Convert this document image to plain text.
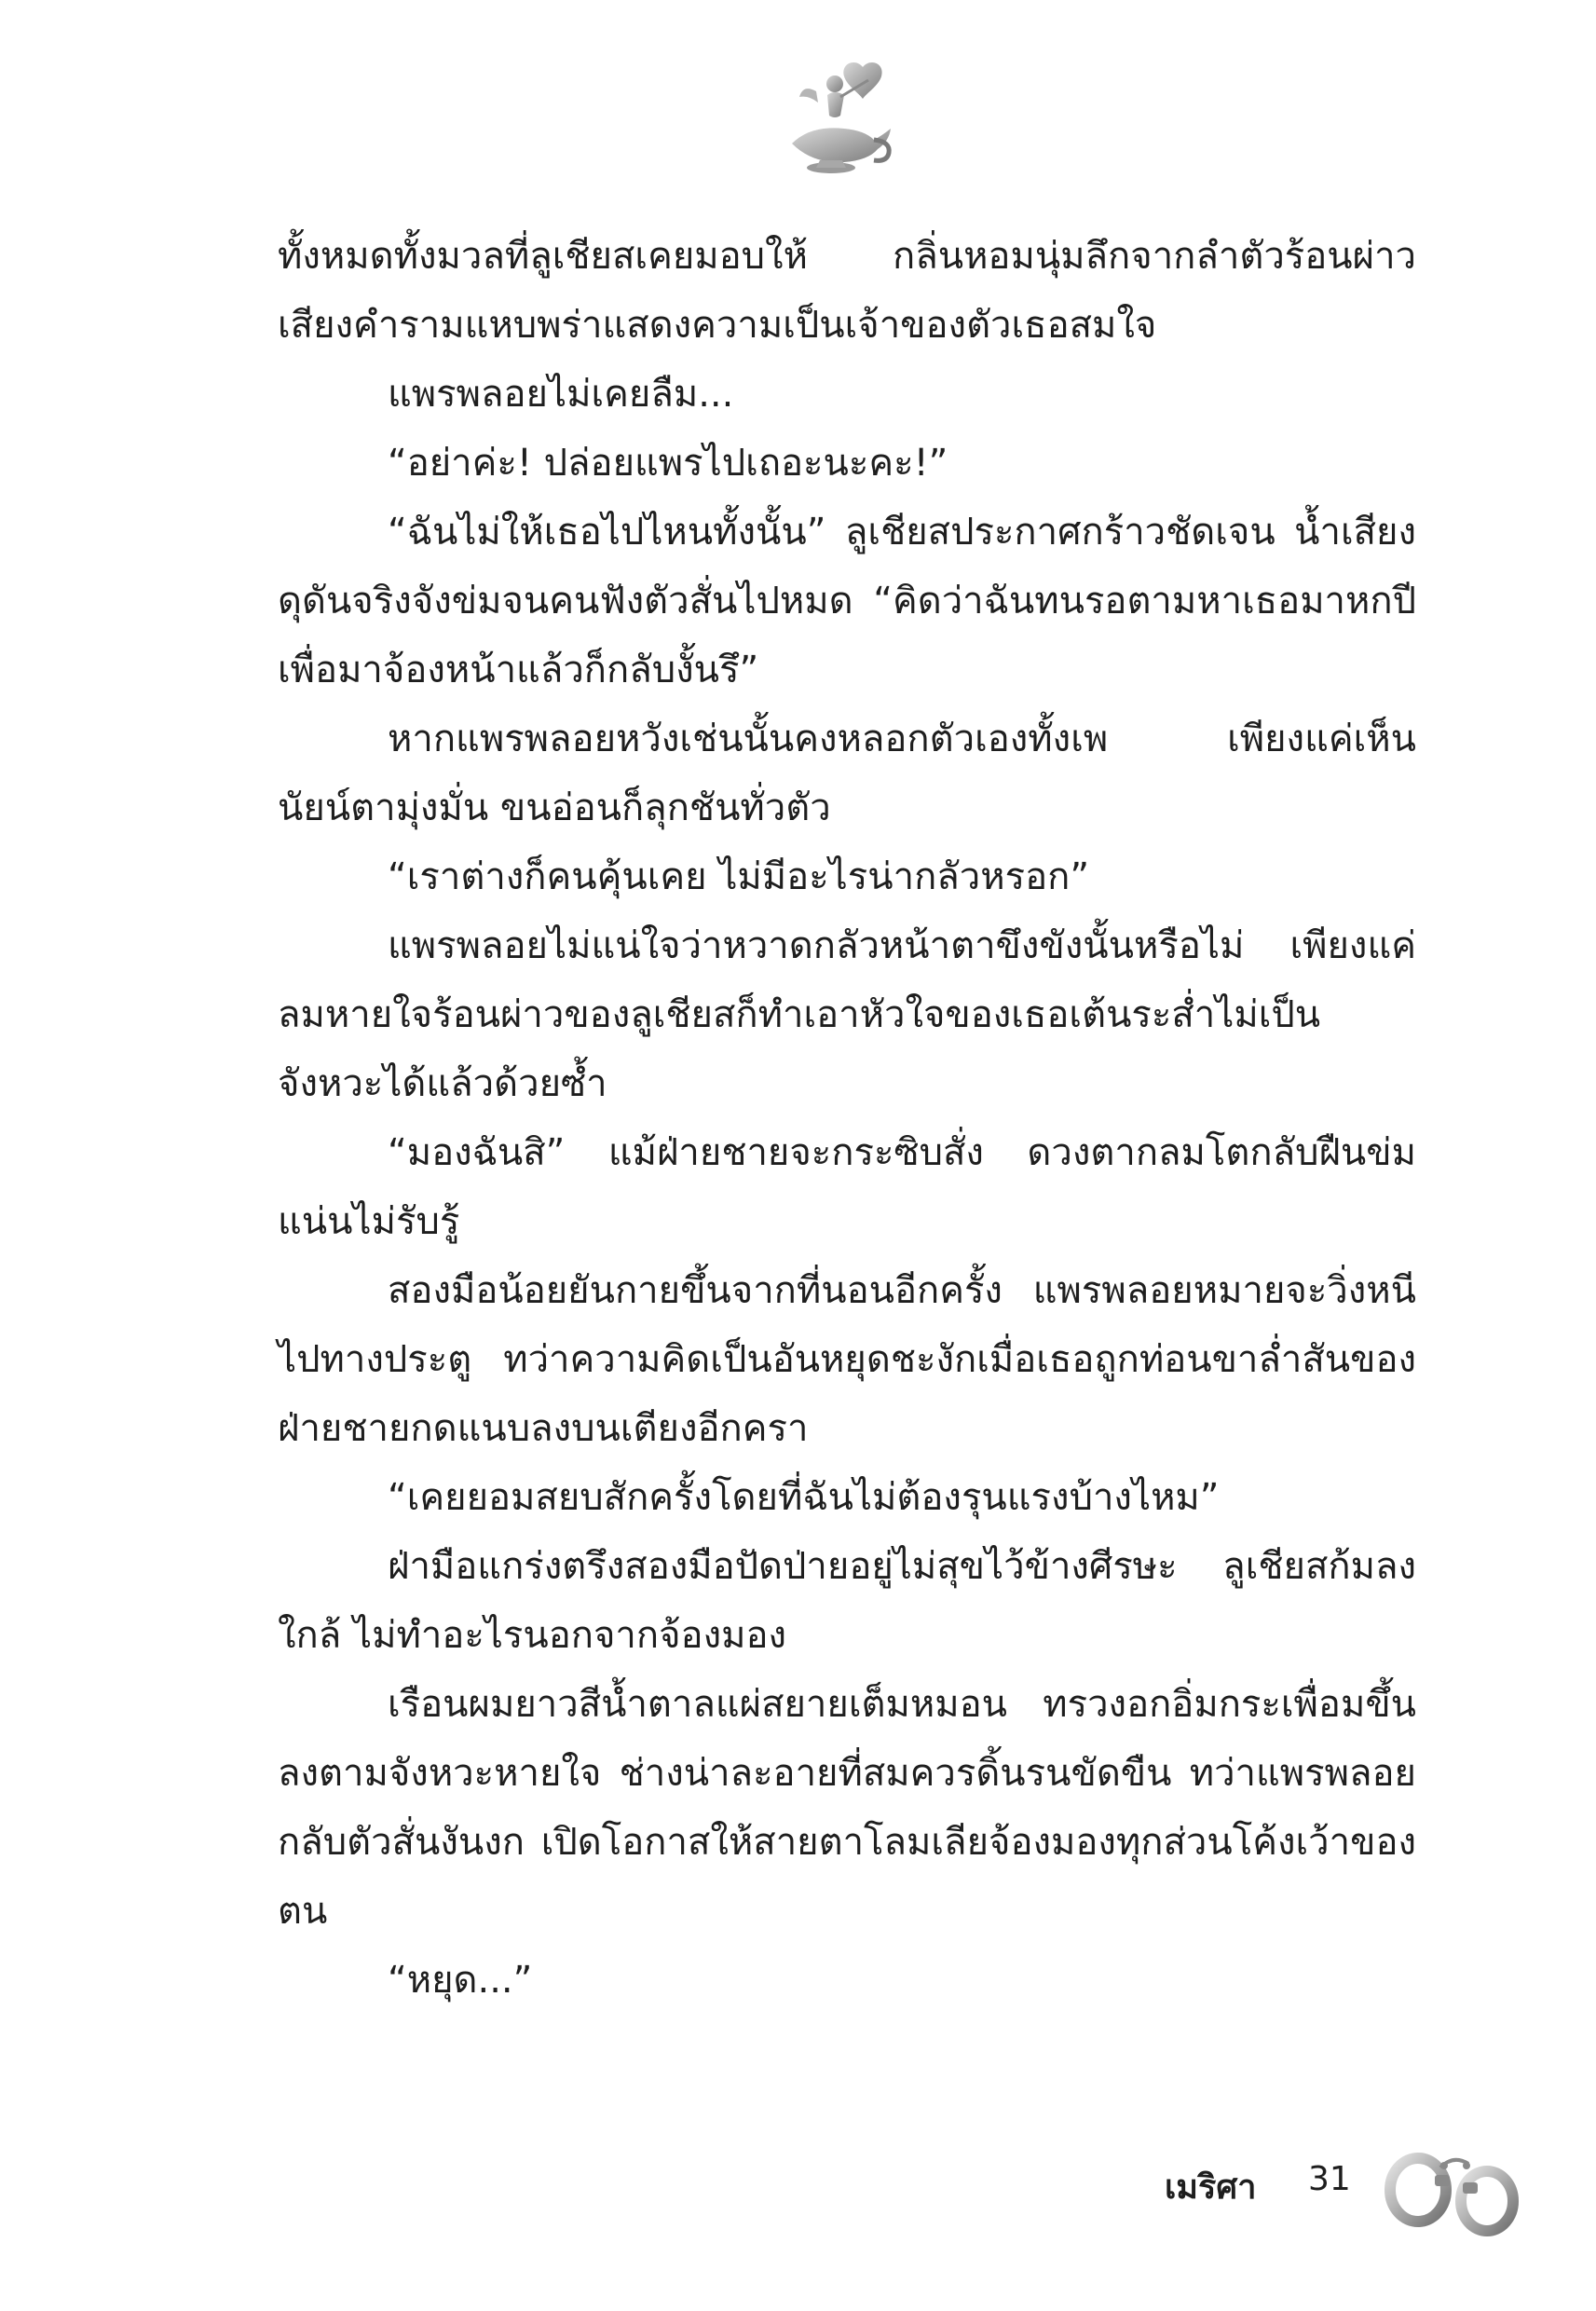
ทั้งหมดทั้งมวลที่ลูเชียสเคยมอบให้ กลิ่นหอมนุ่มลึกจากลำตัวร้อนผ่าว เสียงคำรามแหบพร่าแสดงความเป็นเจ้าของตัวเธอสมใจ

แพรพลอยไม่เคยลืม...

“อย่าค่ะ! ปล่อยแพรไปเถอะนะคะ!”

“ฉันไม่ให้เธอไปไหนทั้งนั้น” ลูเชียสประกาศกร้าวชัดเจน น้ำเสียงดุดันจริงจังข่มจนคนฟังตัวสั่นไปหมด “คิดว่าฉันทนรอตามหาเธอมาหกปีเพื่อมาจ้องหน้าแล้วก็กลับงั้นรึ”

หากแพรพลอยหวังเช่นนั้นคงหลอกตัวเองทั้งเพ เพียงแค่เห็นนัยน์ตามุ่งมั่น ขนอ่อนก็ลุกชันทั่วตัว

“เราต่างก็คนคุ้นเคย ไม่มีอะไรน่ากลัวหรอก”

แพรพลอยไม่แน่ใจว่าหวาดกลัวหน้าตาขึงขังนั้นหรือไม่ เพียงแค่ลมหายใจร้อนผ่าวของลูเชียสก็ทำเอาหัวใจของเธอเต้นระส่ำไม่เป็นจังหวะได้แล้วด้วยซ้ำ

“มองฉันสิ” แม้ฝ่ายชายจะกระซิบสั่ง ดวงตากลมโตกลับฝืนข่มแน่นไม่รับรู้

สองมือน้อยยันกายขึ้นจากที่นอนอีกครั้ง แพรพลอยหมายจะวิ่งหนีไปทางประตู ทว่าความคิดเป็นอันหยุดชะงักเมื่อเธอถูกท่อนขาล่ำสันของฝ่ายชายกดแนบลงบนเตียงอีกครา

“เคยยอมสยบสักครั้งโดยที่ฉันไม่ต้องรุนแรงบ้างไหม”

ฝ่ามือแกร่งตรึงสองมือปัดป่ายอยู่ไม่สุขไว้ข้างศีรษะ ลูเชียสก้มลงใกล้ ไม่ทำอะไรนอกจากจ้องมอง

เรือนผมยาวสีน้ำตาลแผ่สยายเต็มหมอน ทรวงอกอิ่มกระเพื่อมขึ้นลงตามจังหวะหายใจ ช่างน่าละอายที่สมควรดิ้นรนขัดขืน ทว่าแพรพลอยกลับตัวสั่นงันงก เปิดโอกาสให้สายตาโลมเลียจ้องมองทุกส่วนโค้งเว้าของตน

“หยุด...”

เมริศา 31
